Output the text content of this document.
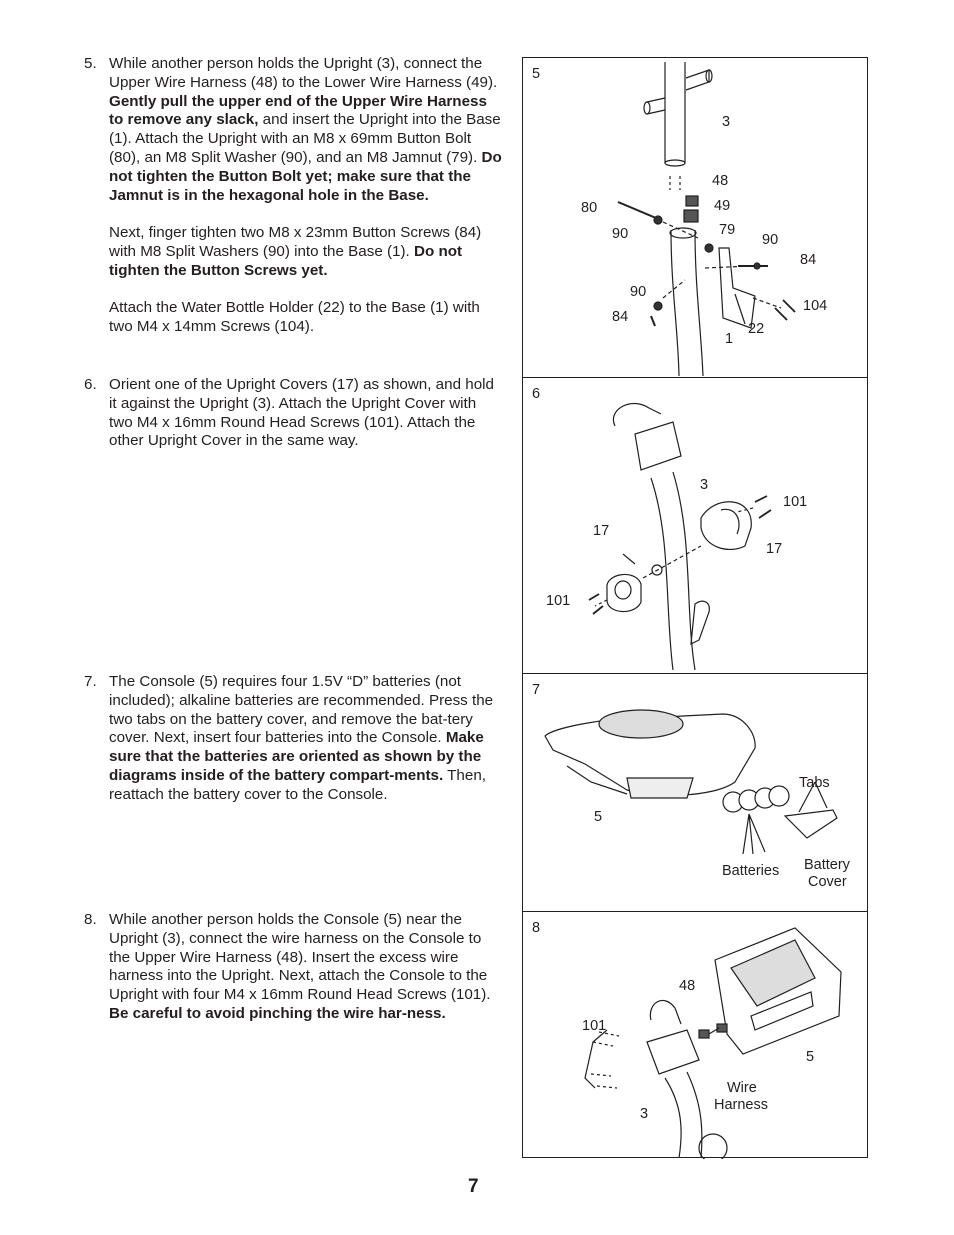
5. While another person holds the Upright (3), connect the Upper Wire Harness (48) to the Lower Wire Harness (49). Gently pull the upper end of the Upper Wire Harness to remove any slack, and insert the Upright into the Base (1). Attach the Upright with an M8 x 69mm Button Bolt (80), an M8 Split Washer (90), and an M8 Jamnut (79). Do not tighten the Button Bolt yet; make sure that the Jamnut is in the hexagonal hole in the Base.

Next, finger tighten two M8 x 23mm Button Screws (84) with M8 Split Washers (90) into the Base (1). Do not tighten the Button Screws yet.

Attach the Water Bottle Holder (22) to the Base (1) with two M4 x 14mm Screws (104).

6. Orient one of the Upright Covers (17) as shown, and hold it against the Upright (3). Attach the Upright Cover with two M4 x 16mm Round Head Screws (101). Attach the other Upright Cover in the same way.

7. The Console (5) requires four 1.5V “D” batteries (not included); alkaline batteries are recommended. Press the two tabs on the battery cover, and remove the bat-tery cover. Next, insert four batteries into the Console. Make sure that the batteries are oriented as shown by the diagrams inside of the battery compart-ments. Then, reattach the battery cover to the Console.

8. While another person holds the Console (5) near the Upright (3), connect the wire harness on the Console to the Upper Wire Harness (48). Insert the excess wire harness into the Upright. Next, attach the Console to the Upright with four M4 x 16mm Round Head Screws (101). Be careful to avoid pinching the wire har-ness.

5
3
48
80	49
90	79
90
84
90
104
84
22
1
6
3
101
17
17
101
7
Tabs
5
Battery
Cover
Batteries
8
48
101
5
Wire
Harness
3
7
